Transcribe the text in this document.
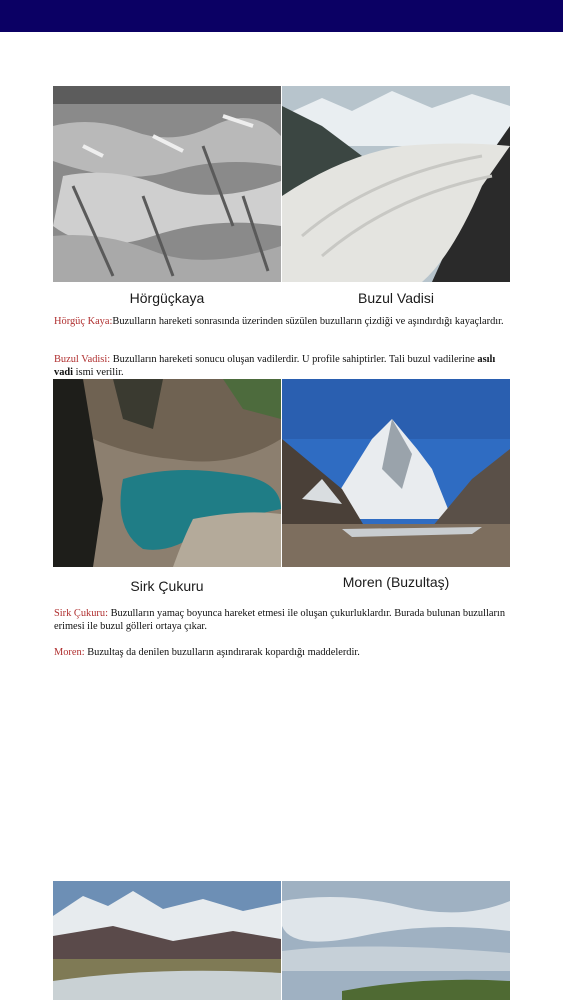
Hörgüçkaya	Buzul Vadisi
Hörgüç Kaya:Buzulların hareketi sonrasında üzerinden süzülen buzulların çizdiği ve aşındırdığı kayaçlardır.
Buzul Vadisi: Buzulların hareketi sonucu oluşan vadilerdir. U profile sahiptirler. Tali buzul vadilerine asılı vadi ismi verilir.
Sirk Çukuru	Moren (Buzultaş)
Sirk Çukuru: Buzulların yamaç boyunca hareket etmesi ile oluşan çukurluklardır. Burada bulunan buzulların erimesi ile buzul gölleri ortaya çıkar.
Moren: Buzultaş da denilen buzulların aşındırarak kopardığı maddelerdir.
